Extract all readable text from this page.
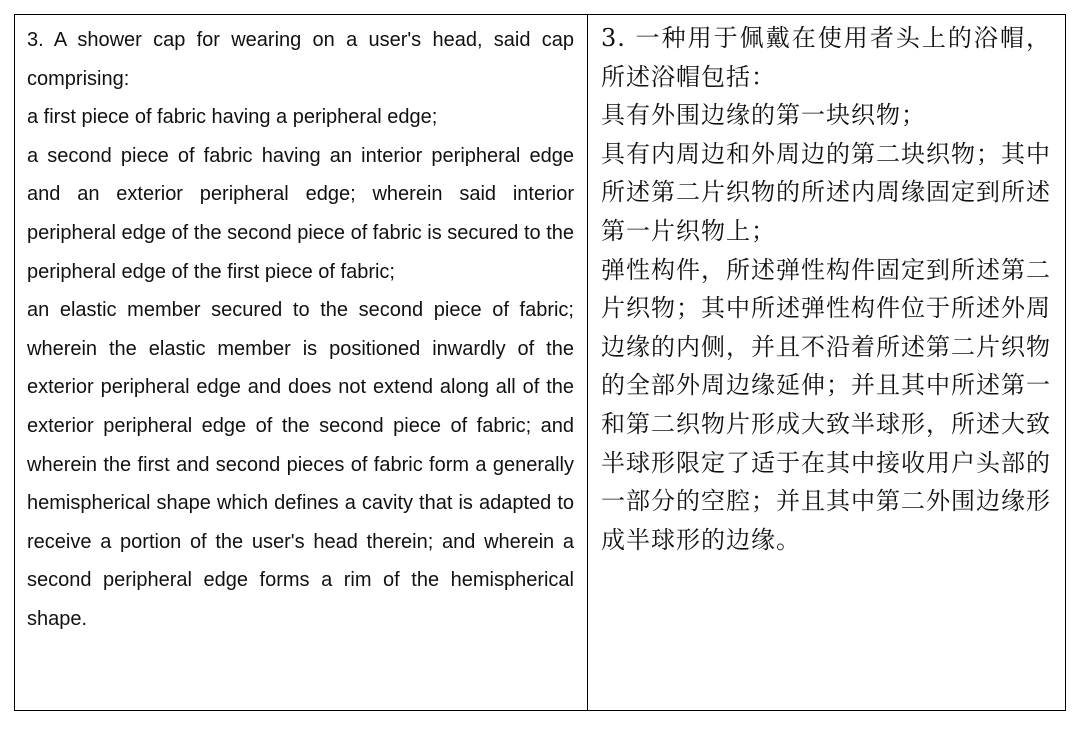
3. A shower cap for wearing on a user's head, said cap comprising:

a first piece of fabric having a peripheral edge;

a second piece of fabric having an interior peripheral edge and an exterior peripheral edge; wherein said interior peripheral edge of the second piece of fabric is secured to the peripheral edge of the first piece of fabric;

an elastic member secured to the second piece of fabric; wherein the elastic member is positioned inwardly of the exterior peripheral edge and does not extend along all of the exterior peripheral edge of the second piece of fabric; and wherein the first and second pieces of fabric form a generally hemispherical shape which defines a cavity that is adapted to receive a portion of the user's head therein; and wherein a second peripheral edge forms a rim of the hemispherical shape.

3. 一种用于佩戴在使用者头上的浴帽，所述浴帽包括：

具有外围边缘的第一块织物；

具有内周边和外周边的第二块织物；其中所述第二片织物的所述内周缘固定到所述第一片织物上；

弹性构件，所述弹性构件固定到所述第二片织物；其中所述弹性构件位于所述外周边缘的内侧，并且不沿着所述第二片织物的全部外周边缘延伸；并且其中所述第一和第二织物片形成大致半球形，所述大致半球形限定了适于在其中接收用户头部的一部分的空腔；并且其中第二外围边缘形成半球形的边缘。
